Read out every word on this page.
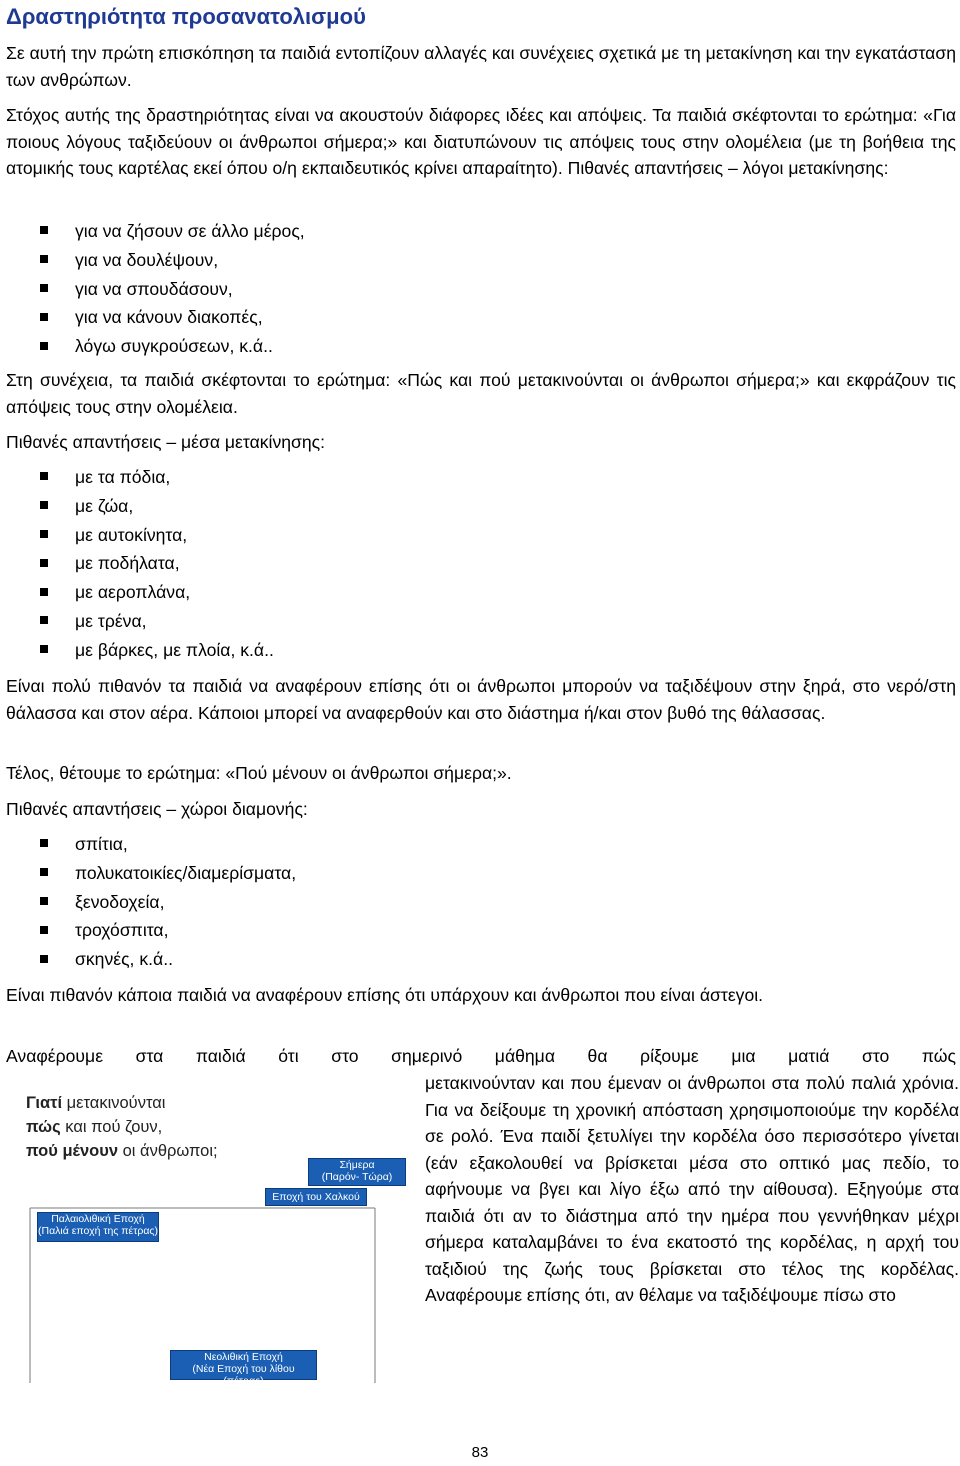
Δραστηριότητα προσανατολισμού
Σε αυτή την πρώτη επισκόπηση τα παιδιά εντοπίζουν αλλαγές και συνέχειες σχετικά με τη μετακίνηση και την εγκατάσταση των ανθρώπων.
Στόχος αυτής της δραστηριότητας είναι να ακουστούν διάφορες ιδέες και απόψεις. Τα παιδιά σκέφτονται το ερώτημα: «Για ποιους λόγους ταξιδεύουν οι άνθρωποι σήμερα;» και διατυπώνουν τις απόψεις τους στην ολομέλεια (με τη βοήθεια της ατομικής τους καρτέλας εκεί όπου ο/η εκπαιδευτικός κρίνει απαραίτητο). Πιθανές απαντήσεις – λόγοι μετακίνησης:
για να ζήσουν σε άλλο μέρος,
για να δουλέψουν,
για να σπουδάσουν,
για να κάνουν διακοπές,
λόγω συγκρούσεων, κ.ά..
Στη συνέχεια, τα παιδιά σκέφτονται το ερώτημα: «Πώς και πού μετακινούνται οι άνθρωποι σήμερα;» και εκφράζουν τις απόψεις τους στην ολομέλεια.
Πιθανές απαντήσεις – μέσα μετακίνησης:
με τα πόδια,
με ζώα,
με αυτοκίνητα,
με ποδήλατα,
με αεροπλάνα,
με τρένα,
με βάρκες, με πλοία, κ.ά..
Είναι πολύ πιθανόν τα παιδιά να αναφέρουν επίσης ότι οι άνθρωποι μπορούν να ταξιδέψουν στην ξηρά, στο νερό/στη θάλασσα και στον αέρα. Κάποιοι μπορεί να αναφερθούν και στο διάστημα ή/και στον βυθό της θάλασσας.
Τέλος, θέτουμε το ερώτημα: «Πού μένουν οι άνθρωποι σήμερα;».
Πιθανές απαντήσεις – χώροι διαμονής:
σπίτια,
πολυκατοικίες/διαμερίσματα,
ξενοδοχεία,
τροχόσπιτα,
σκηνές, κ.ά..
Είναι πιθανόν κάποια παιδιά να αναφέρουν επίσης ότι υπάρχουν και άνθρωποι που είναι άστεγοι.
Αναφέρουμε στα παιδιά ότι στο σημερινό μάθημα θα ρίξουμε μια ματιά στο πώς
μετακινούνταν και που έμεναν οι άνθρωποι στα πολύ παλιά χρόνια. Για να δείξουμε τη χρονική απόσταση χρησιμοποιούμε την κορδέλα σε ρολό. Ένα παιδί ξετυλίγει την κορδέλα όσο περισσότερο γίνεται (εάν εξακολουθεί να βρίσκεται μέσα στο οπτικό μας πεδίο, το αφήνουμε να βγει και λίγο έξω από την αίθουσα). Εξηγούμε στα παιδιά ότι αν το διάστημα από την ημέρα που γεννήθηκαν μέχρι σήμερα καταλαμβάνει το ένα εκατοστό της κορδέλας, η αρχή του ταξιδιού της ζωής τους βρίσκεται στο τέλος της κορδέλας. Αναφέρουμε επίσης ότι, αν θέλαμε να ταξιδέψουμε πίσω στο
Γιατί μετακινούνται
πώς και πού ζουν,
πού μένουν οι άνθρωποι;
Σήμερα
(Παρόν- Τώρα)
Εποχή του Χαλκού
Παλαιολιθική Εποχή
(Παλιά εποχή της πέτρας)
Νεολιθική Εποχή
(Νέα Εποχή του λίθου (πέτρας)
83
